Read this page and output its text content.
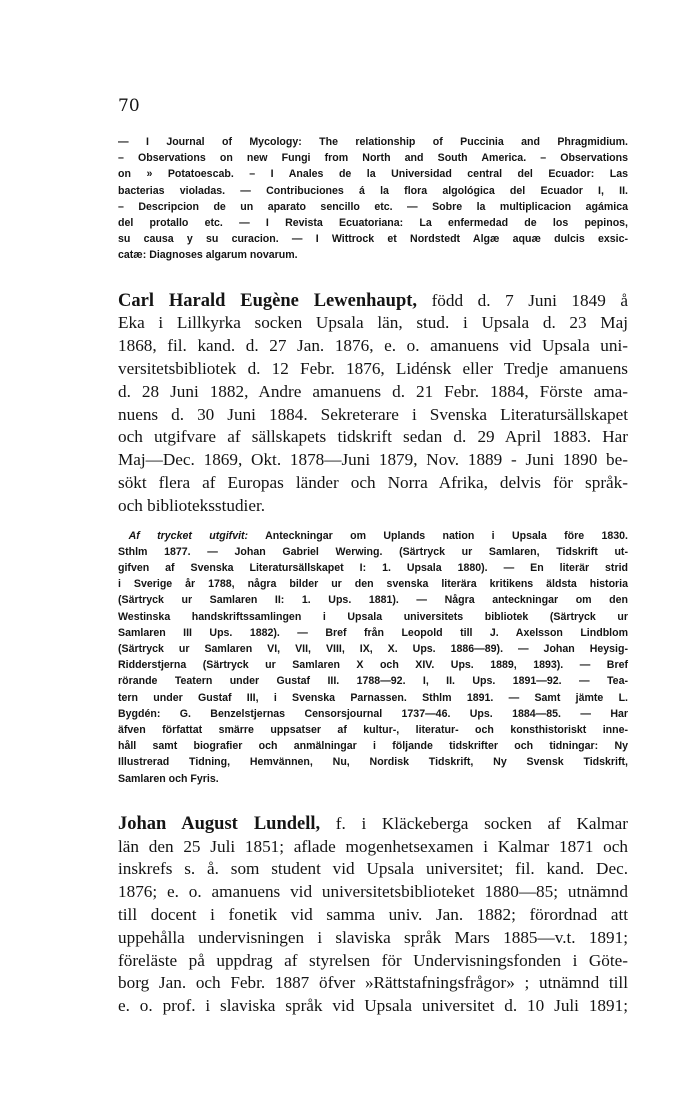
70
— I Journal of Mycology: The relationship of Puccinia and Phragmidium.
– Observations on new Fungi from North and South America. – Observations
on » Potatoescab. – I Anales de la Universidad central del Ecuador: Las
bacterias violadas. — Contribuciones á la flora algológica del Ecuador I, II.
– Descripcion de un aparato sencillo etc. — Sobre la multiplicacion agámica
del protallo etc. — I Revista Ecuatoriana: La enfermedad de los pepinos,
su causa y su curacion. — I Wittrock et Nordstedt Algæ aquæ dulcis exsic-
catæ: Diagnoses algarum novarum.
Carl Harald Eugène Lewenhaupt, född d. 7 Juni 1849 å
Eka i Lillkyrka socken Upsala län, stud. i Upsala d. 23 Maj
1868, fil. kand. d. 27 Jan. 1876, e. o. amanuens vid Upsala uni-
versitetsbibliotek d. 12 Febr. 1876, Lidénsk eller Tredje amanuens
d. 28 Juni 1882, Andre amanuens d. 21 Febr. 1884, Förste ama-
nuens d. 30 Juni 1884. Sekreterare i Svenska Literatursällskapet
och utgifvare af sällskapets tidskrift sedan d. 29 April 1883. Har
Maj—Dec. 1869, Okt. 1878—Juni 1879, Nov. 1889 - Juni 1890 be-
sökt flera af Europas länder och Norra Afrika, delvis för språk-
och biblioteksstudier.
 Af trycket utgifvit: Anteckningar om Uplands nation i Upsala före 1830.
Sthlm 1877. — Johan Gabriel Werwing. (Särtryck ur Samlaren, Tidskrift ut-
gifven af Svenska Literatursällskapet I: 1. Upsala 1880). — En literär strid
i Sverige år 1788, några bilder ur den svenska literära kritikens äldsta historia
(Särtryck ur Samlaren II: 1. Ups. 1881). — Några anteckningar om den
Westinska handskriftssamlingen i Upsala universitets bibliotek (Särtryck ur
Samlaren III Ups. 1882). — Bref från Leopold till J. Axelsson Lindblom
(Särtryck ur Samlaren VI, VII, VIII, IX, X. Ups. 1886—89). — Johan Heysig-
Ridderstjerna (Särtryck ur Samlaren X och XIV. Ups. 1889, 1893). — Bref
rörande Teatern under Gustaf III. 1788—92. I, II. Ups. 1891—92. — Tea-
tern under Gustaf III, i Svenska Parnassen. Sthlm 1891. — Samt jämte L.
Bygdén: G. Benzelstjernas Censorsjournal 1737—46. Ups. 1884—85. — Har
äfven författat smärre uppsatser af kultur-, literatur- och konsthistoriskt inne-
håll samt biografier och anmälningar i följande tidskrifter och tidningar: Ny
Illustrerad Tidning, Hemvännen, Nu, Nordisk Tidskrift, Ny Svensk Tidskrift,
Samlaren och Fyris.
Johan August Lundell, f. i Kläckeberga socken af Kalmar
län den 25 Juli 1851; aflade mogenhetsexamen i Kalmar 1871 och
inskrefs s. å. som student vid Upsala universitet; fil. kand. Dec.
1876; e. o. amanuens vid universitetsbiblioteket 1880—85; utnämnd
till docent i fonetik vid samma univ. Jan. 1882; förordnad att
uppehålla undervisningen i slaviska språk Mars 1885—v.t. 1891;
föreläste på uppdrag af styrelsen för Undervisningsfonden i Göte-
borg Jan. och Febr. 1887 öfver »Rättstafningsfrågor» ; utnämnd till
e. o. prof. i slaviska språk vid Upsala universitet d. 10 Juli 1891;
